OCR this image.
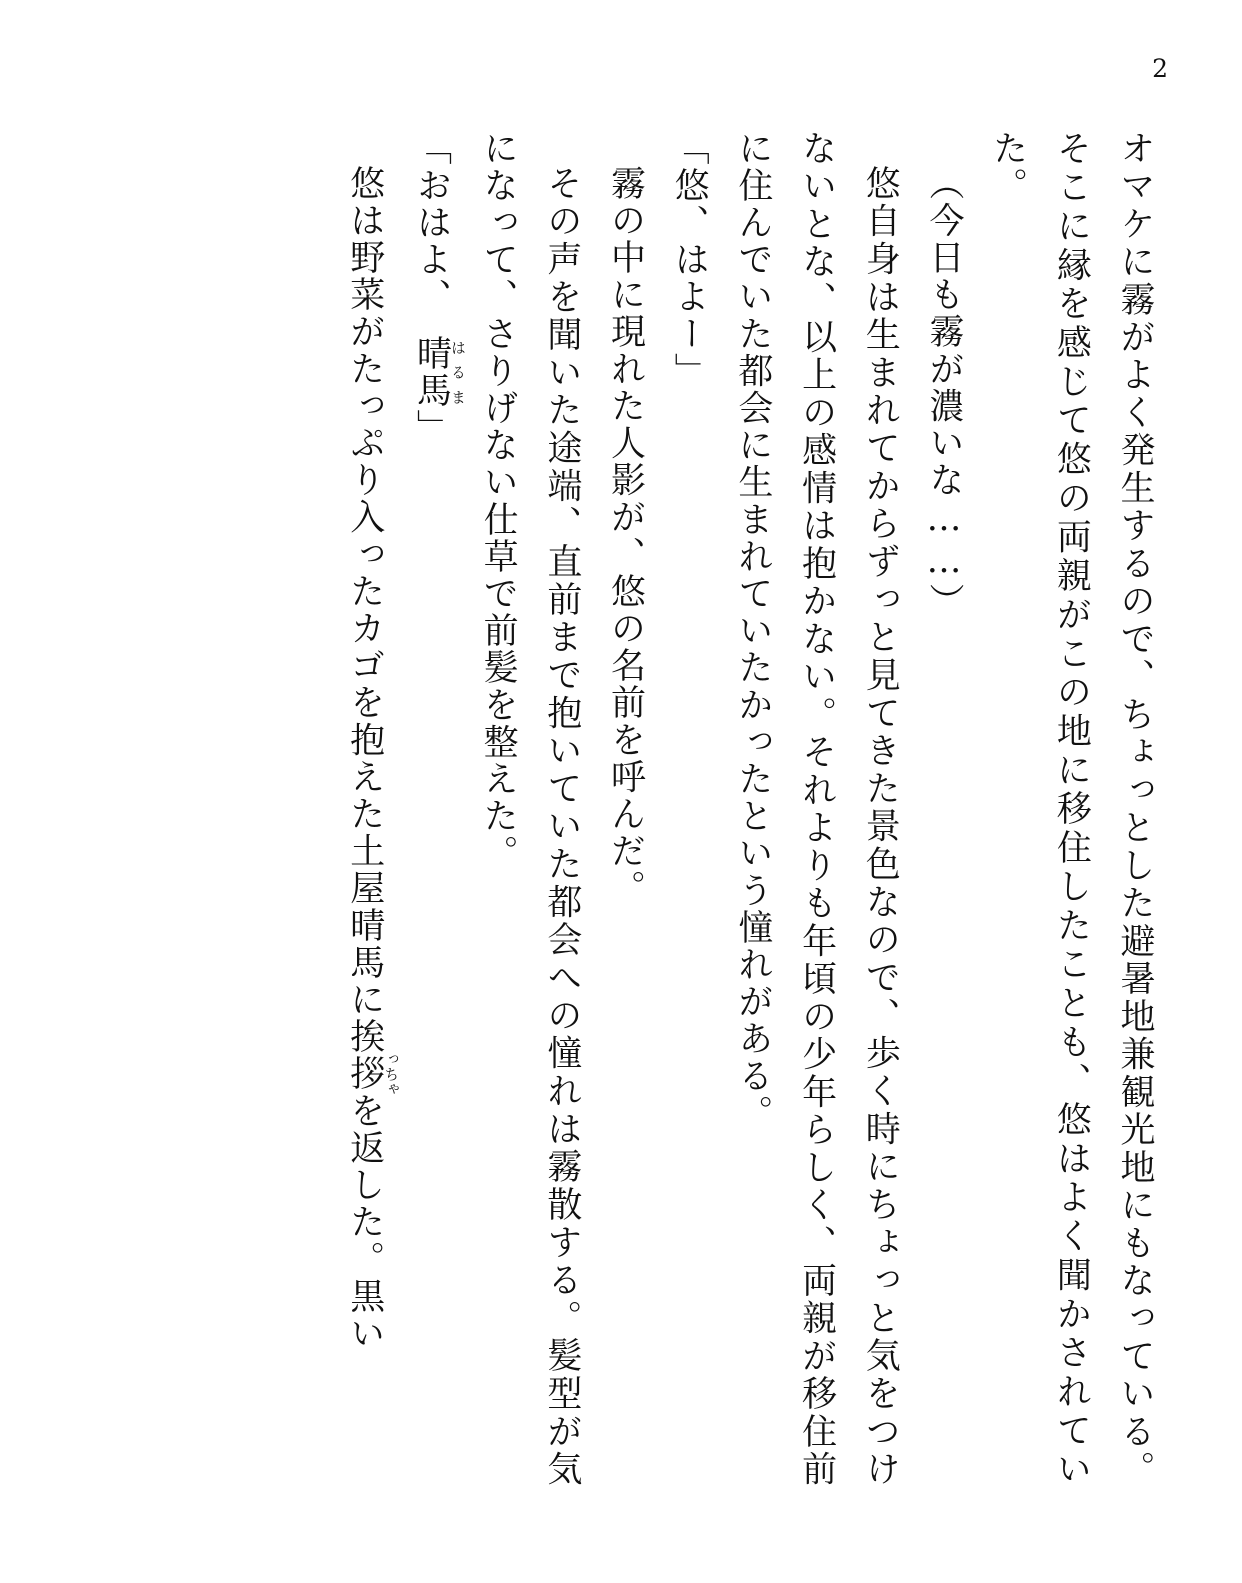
2

オマケに霧がよく発生するので、ちょっとした避暑地兼観光地にもなっている。そこに縁を感じて悠の両親がこの地に移住したことも、悠はよく聞かされていた。

（今日も霧が濃いな……）

悠自身は生まれてからずっと見てきた景色なので、歩く時にちょっと気をつけないとな、以上の感情は抱かない。それよりも年頃の少年らしく、両親が移住前に住んでいた都会に生まれていたかったという憧れがある。

「悠、はよー」

霧の中に現れた人影が、悠の名前を呼んだ。

その声を聞いた途端、直前まで抱いていた都会への憧れは霧散する。髪型が気になって、さりげない仕草で前髪を整えた。

「おはよ、　晴馬はるま」

悠は野菜がたっぷり入ったカゴを抱えた土屋晴馬に挨拶っちゃを返した。黒い
